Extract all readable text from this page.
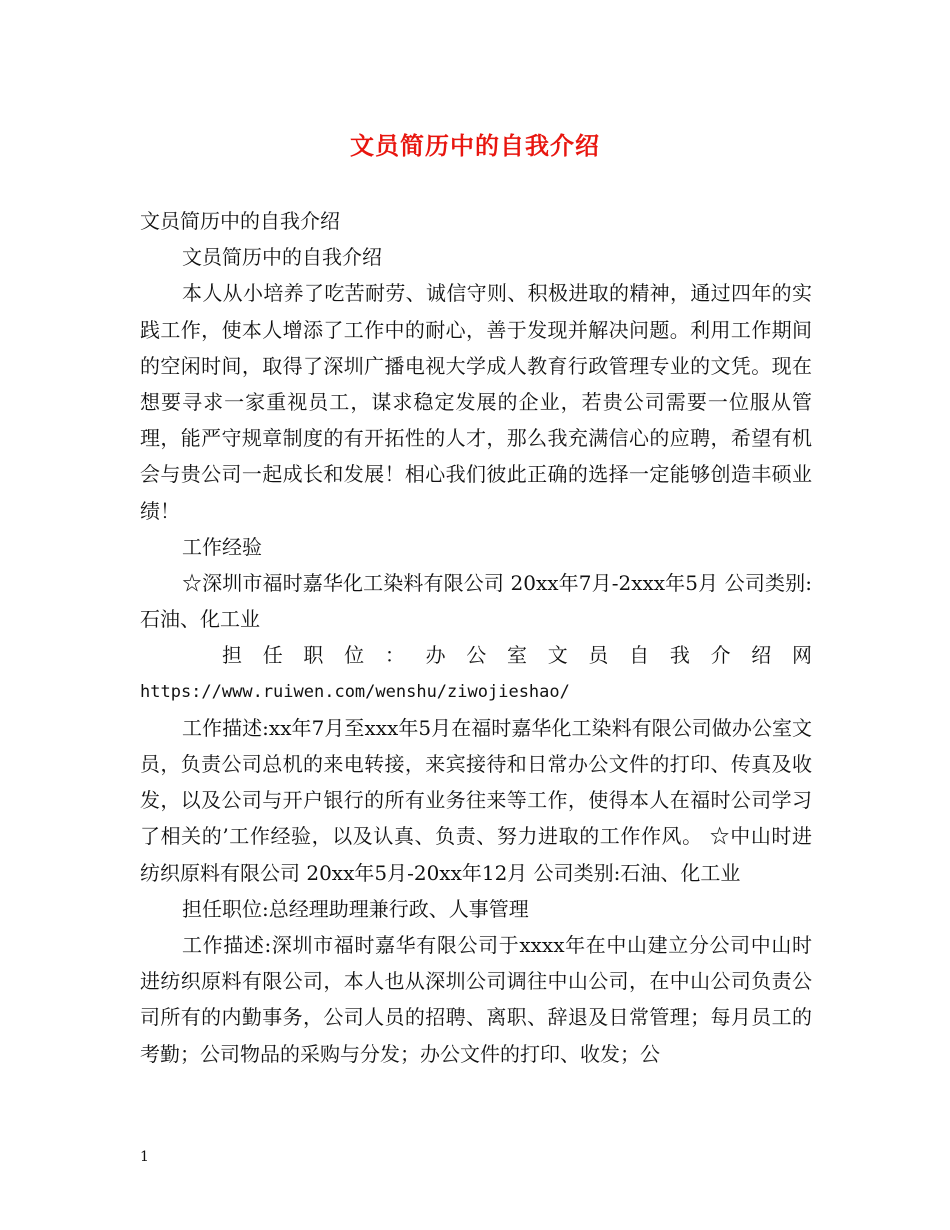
文员简历中的自我介绍

文员简历中的自我介绍

文员简历中的自我介绍

本人从小培养了吃苦耐劳、诚信守则、积极进取的精神，通过四年的实践工作，使本人增添了工作中的耐心，善于发现并解决问题。利用工作期间的空闲时间，取得了深圳广播电视大学成人教育行政管理专业的文凭。现在想要寻求一家重视员工，谋求稳定发展的企业，若贵公司需要一位服从管理，能严守规章制度的有开拓性的人才，那么我充满信心的应聘，希望有机会与贵公司一起成长和发展！相心我们彼此正确的选择一定能够创造丰硕业绩！

工作经验

☆深圳市福时嘉华化工染料有限公司 20xx年7月-2xxx年5月 公司类别:石油、化工业

担任职位：办公室文员自我介绍网

https://www.ruiwen.com/wenshu/ziwojieshao/

工作描述:xx年7月至xxx年5月在福时嘉华化工染料有限公司做办公室文员，负责公司总机的来电转接，来宾接待和日常办公文件的打印、传真及收发，以及公司与开户银行的所有业务往来等工作，使得本人在福时公司学习了相关的’工作经验，以及认真、负责、努力进取的工作作风。 ☆中山时进纺织原料有限公司 20xx年5月-20xx年12月 公司类别:石油、化工业

担任职位:总经理助理兼行政、人事管理

工作描述:深圳市福时嘉华有限公司于xxxx年在中山建立分公司中山时进纺织原料有限公司，本人也从深圳公司调往中山公司，在中山公司负责公司所有的内勤事务，公司人员的招聘、离职、辞退及日常管理；每月员工的考勤；公司物品的采购与分发；办公文件的打印、收发；公

1
